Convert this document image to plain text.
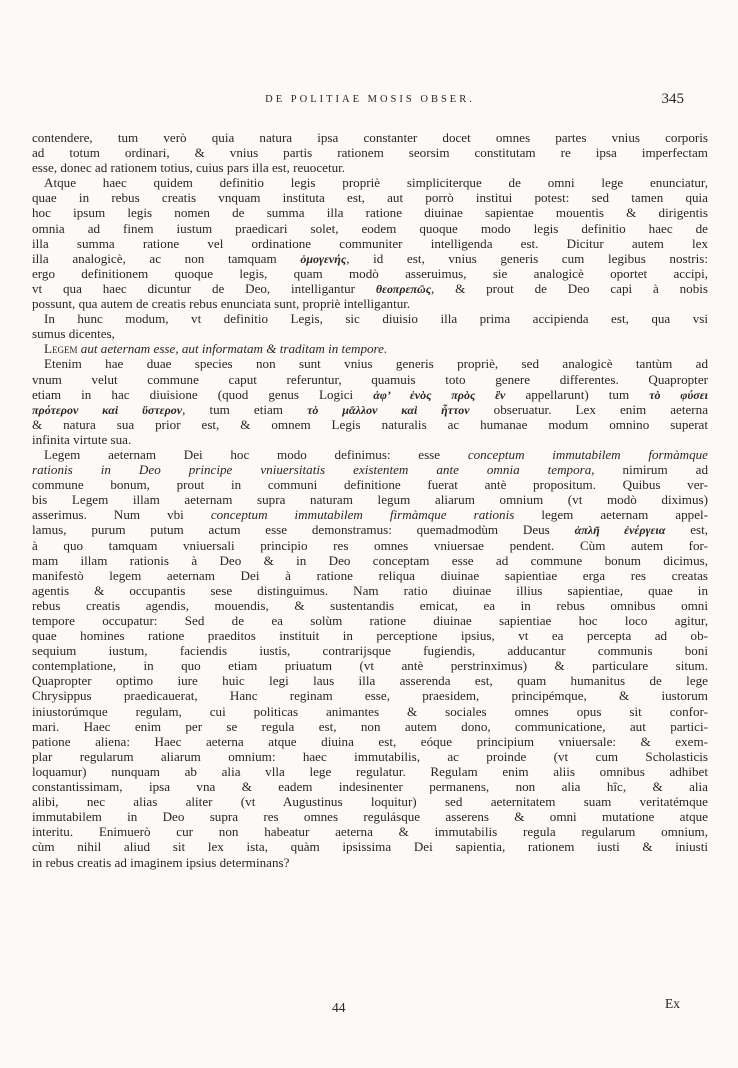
DE POLITIAE MOSIS OBSER.	345
contendere, tum verò quia natura ipsa constanter docet omnes partes vnius corporis
ad totum ordinari, & vnius partis rationem seorsim constitutam re ipsa imperfectam
esse, donec ad rationem totius, cuius pars illa est, reuocetur.
Atque haec quidem definitio legis propriè simpliciterque de omni lege enunciatur,
quae in rebus creatis vnquam instituta est, aut porrò institui potest: sed tamen quia
hoc ipsum legis nomen de summa illa ratione diuinae sapientae mouentis & dirigentis
omnia ad finem iustum praedicari solet, eodem quoque modo legis definitio haec de
illa summa ratione vel ordinatione communiter intelligenda est. Dicitur autem lex
illa analogicè, ac non tamquam ὁμογενής, id est, vnius generis cum legibus nostris:
ergo definitionem quoque legis, quam modò asseruimus, sie analogicè oportet accipi,
vt qua haec dicuntur de Deo, intelligantur θεοπρεπῶς, & prout de Deo capi à nobis
possunt, qua autem de creatis rebus enunciata sunt, propriè intelligantur.
In hunc modum, vt definitio Legis, sic diuisio illa prima accipienda est, qua vsi
sumus dicentes,
Legem aut aeternam esse, aut informatam & traditam in tempore.
Etenim hae duae species non sunt vnius generis propriè, sed analogicè tantùm ad
vnum velut commune caput referuntur, quamuis toto genere differentes. Quapropter
etiam in hac diuisione (quod genus Logici ἀφ’ ἑνὸς πρὸς ἓν appellarunt) tum τὸ φύσει
πρότερον καὶ ὕστερον, tum etiam τὸ μᾶλλον καὶ ἧττον obseruatur. Lex enim aeterna
& natura sua prior est, & omnem Legis naturalis ac humanae modum omnino superat
infinita virtute sua.
Legem aeternam Dei hoc modo definimus: esse conceptum immutabilem formàmque
rationis in Deo principe vniuersitatis existentem ante omnia tempora, nimirum ad
commune bonum, prout in communi definitione fuerat antè propositum. Quibus ver-
bis Legem illam aeternam supra naturam legum aliarum omnium (vt modò diximus)
asserimus. Num vbi conceptum immutabilem firmàmque rationis legem aeternam appel-
lamus, purum putum actum esse demonstramus: quemadmodùm Deus ἁπλῆ ἐνέργεια est,
à quo tamquam vniuersali principio res omnes vniuersae pendent. Cùm autem for-
mam illam rationis à Deo & in Deo conceptam esse ad commune bonum dicimus,
manifestò legem aeternam Dei à ratione reliqua diuinae sapientiae erga res creatas
agentis & occupantis sese distinguimus. Nam ratio diuinae illius sapientiae, quae in
rebus creatis agendis, mouendis, & sustentandis emicat, ea in rebus omnibus omni
tempore occupatur: Sed de ea solùm ratione diuinae sapientiae hoc loco agitur,
quae homines ratione praeditos instituit in perceptione ipsius, vt ea percepta ad ob-
sequium iustum, faciendis iustis, contrarijsque fugiendis, adducantur communis boni
contemplatione, in quo etiam priuatum (vt antè perstrinximus) & particulare situm.
Quapropter optimo iure huic legi laus illa asserenda est, quam humanitus de lege
Chrysippus praedicauerat, Hanc reginam esse, praesidem, principémque, & iustorum
iniustorúmque regulam, cui politicas animantes & sociales omnes opus sit confor-
mari. Haec enim per se regula est, non autem dono, communicatione, aut partici-
patione aliena: Haec aeterna atque diuina est, eóque principium vniuersale: & exem-
plar regularum aliarum omnium: haec immutabilis, ac proinde (vt cum Scholasticis
loquamur) nunquam ab alia vlla lege regulatur. Regulam enim aliis omnibus adhibet
constantissimam, ipsa vna & eadem indesinenter permanens, non alia hîc, & alia
alibi, nec alias aliter (vt Augustinus loquitur) sed aeternitatem suam veritatémque
immutabilem in Deo supra res omnes regulásque asserens & omni mutatione atque
interitu. Enimuerò cur non habeatur aeterna & immutabilis regula regularum omnium,
cùm nihil aliud sit lex ista, quàm ipsissima Dei sapientia, rationem iusti & iniusti
in rebus creatis ad imaginem ipsius determinans?
44	Ex
